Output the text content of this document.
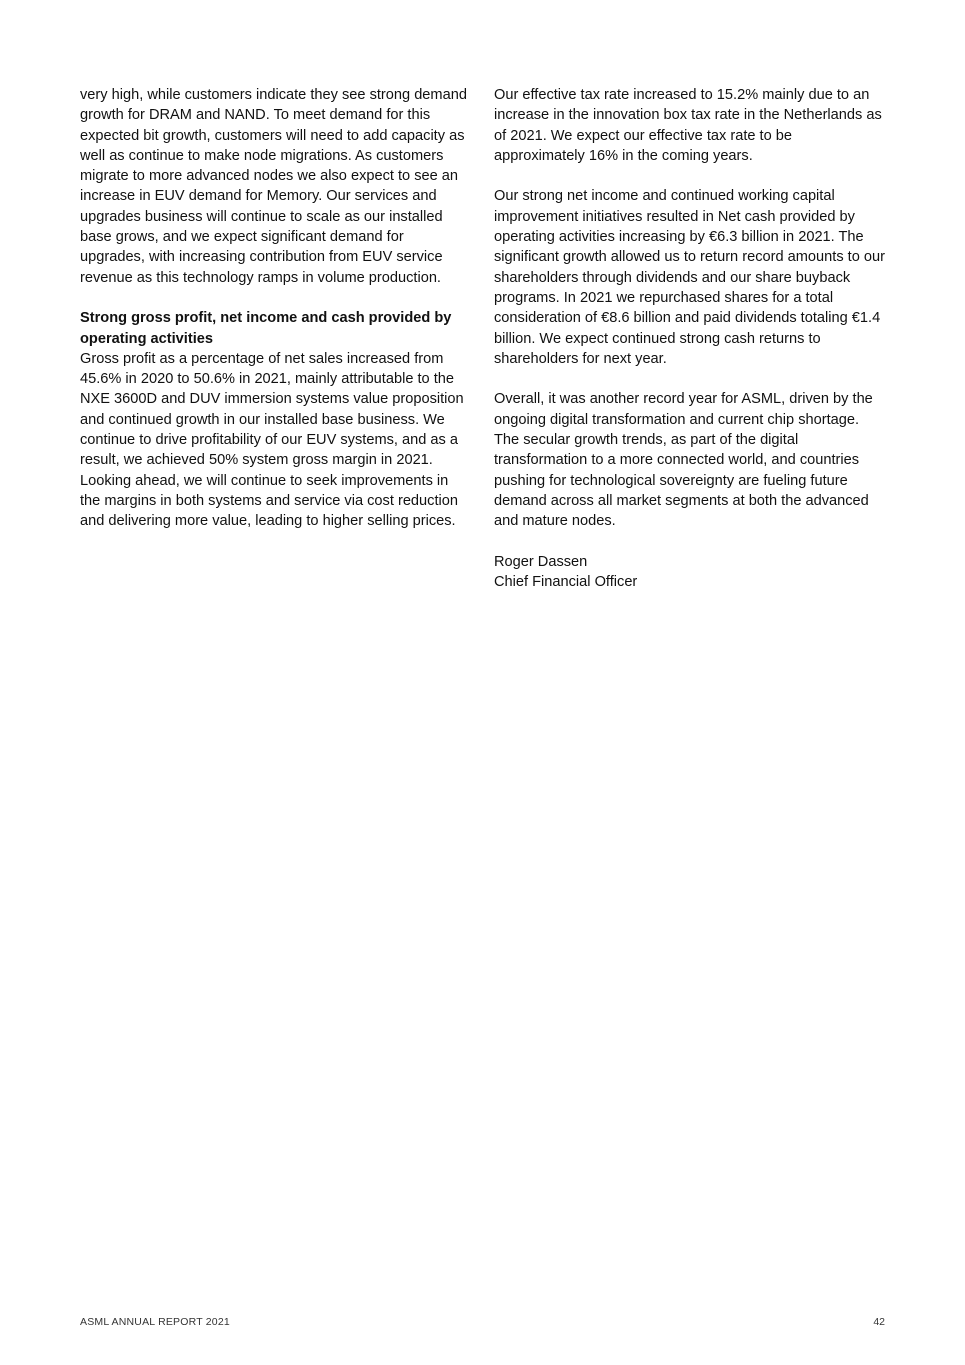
very high, while customers indicate they see strong demand growth for DRAM and NAND. To meet demand for this expected bit growth, customers will need to add capacity as well as continue to make node migrations. As customers migrate to more advanced nodes we also expect to see an increase in EUV demand for Memory. Our services and upgrades business will continue to scale as our installed base grows, and we expect significant demand for upgrades, with increasing contribution from EUV service revenue as this technology ramps in volume production.

Strong gross profit, net income and cash provided by operating activities

Gross profit as a percentage of net sales increased from 45.6% in 2020 to 50.6% in 2021, mainly attributable to the NXE 3600D and DUV immersion systems value proposition and continued growth in our installed base business. We continue to drive profitability of our EUV systems, and as a result, we achieved 50% system gross margin in 2021. Looking ahead, we will continue to seek improvements in the margins in both systems and service via cost reduction and delivering more value, leading to higher selling prices.

Our effective tax rate increased to 15.2% mainly due to an increase in the innovation box tax rate in the Netherlands as of 2021. We expect our effective tax rate to be approximately 16% in the coming years.

Our strong net income and continued working capital improvement initiatives resulted in Net cash provided by operating activities increasing by €6.3 billion in 2021. The significant growth allowed us to return record amounts to our shareholders through dividends and our share buyback programs. In 2021 we repurchased shares for a total consideration of €8.6 billion and paid dividends totaling €1.4 billion. We expect continued strong cash returns to shareholders for next year.

Overall, it was another record year for ASML, driven by the ongoing digital transformation and current chip shortage. The secular growth trends, as part of the digital transformation to a more connected world, and countries pushing for technological sovereignty are fueling future demand across all market segments at both the advanced and mature nodes.

Roger Dassen
Chief Financial Officer

ASML ANNUAL REPORT 2021	42
